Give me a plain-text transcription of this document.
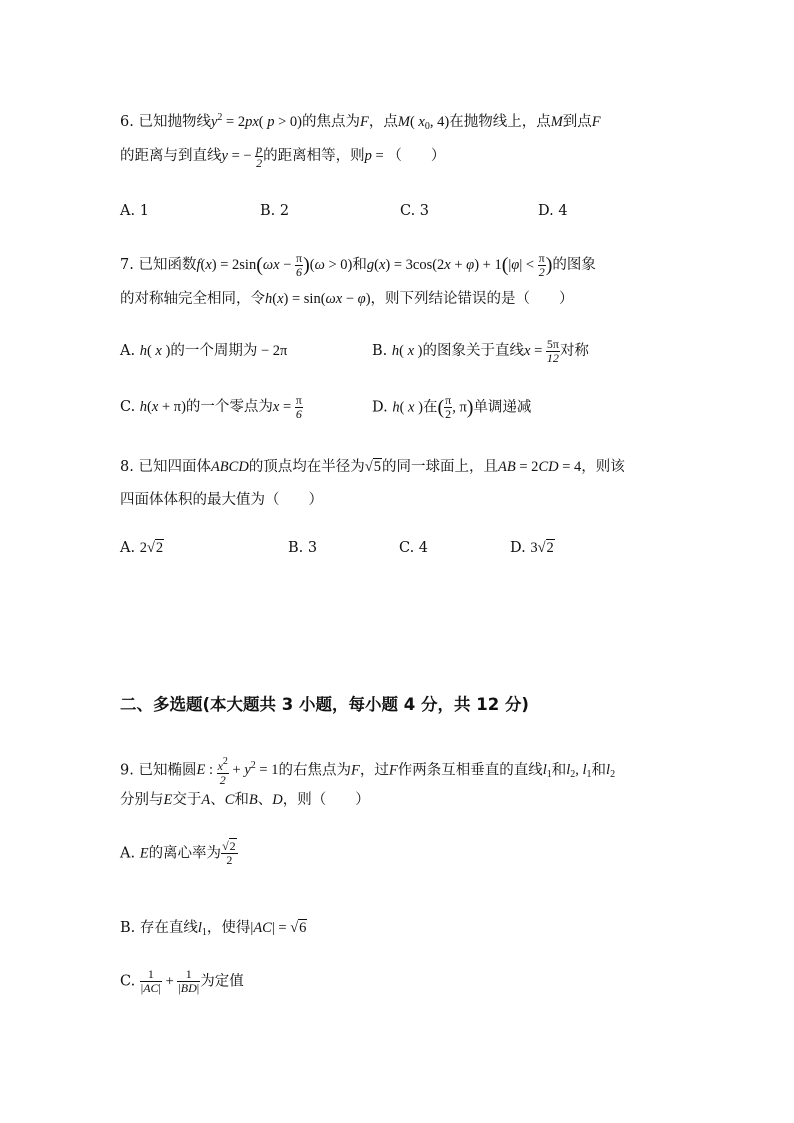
6. 已知抛物线$y^2 = 2px$( p > 0)的焦点为F，点M( $x_0$, 4)在抛物线上，点M到点F
的距离与到直线y = − $\frac{p}{2}$ 的距离相等，则p = （　　）
A. 1	B. 2	C. 3	D. 4
7. 已知函数$f(x) = 2\sin(\omega x - \frac{\pi}{6} )(\omega > 0)$和$g(x) = 3\cos(2x + \varphi) + 1(|\varphi| < \frac{\pi}{2}$ )的图象
的对称轴完全相同，令h(x) = sin(ωx − φ)，则下列结论错误的是（　　）
A. h( x )的一个周期为 − 2π	B. h( x )的图象关于直线$x = \frac{5\pi}{12}$ 对称
C. h(x + π)的一个零点为$x = \frac{\pi}{6}$	D. h( x )在( $\frac{\pi}{2}$ , π)单调递减
8. 已知四面体ABCD的顶点均在半径为√5的同一球面上，且AB = 2CD = 4，则该
四面体体积的最大值为（　　）
A. 2√2	B. 3	C. 4	D. 3√2
二、多选题(本大题共 3 小题，每小题 4 分，共 12 分)
9. 已知椭圆E : $\frac{x^2}{2} + y^2 = 1$的右焦点为F，过F作两条互相垂直的直线$l_1$和$l_2$, $l_1$和$l_2$
分别与E交于A、C和B、D，则（　　）
A. E的离心率为 $\frac{√2}{2}$
B. 存在直线$l_1$，使得|AC| = √6
C. $\frac{1}{|AC|} + \frac{1}{|BD|}$ 为定值
